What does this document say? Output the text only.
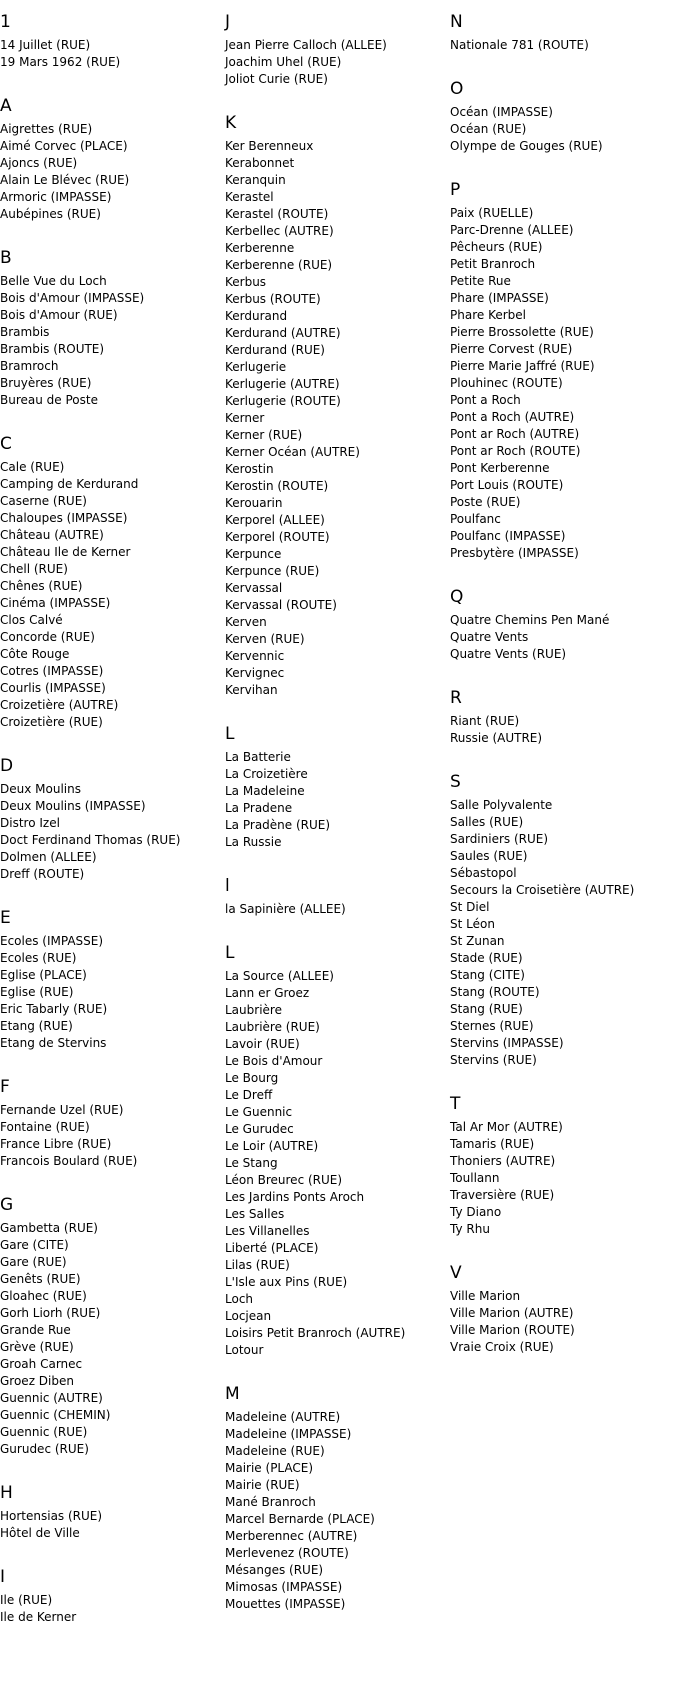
1
14 Juillet (RUE)
19 Mars 1962 (RUE)
A
Aigrettes (RUE)
Aimé Corvec (PLACE)
Ajoncs (RUE)
Alain Le Blévec (RUE)
Armoric (IMPASSE)
Aubépines (RUE)
B
Belle Vue du Loch
Bois d'Amour (IMPASSE)
Bois d'Amour (RUE)
Brambis
Brambis (ROUTE)
Bramroch
Bruyères (RUE)
Bureau de Poste
C
Cale (RUE)
Camping de Kerdurand
Caserne (RUE)
Chaloupes (IMPASSE)
Château (AUTRE)
Château Ile de Kerner
Chell (RUE)
Chênes (RUE)
Cinéma (IMPASSE)
Clos Calvé
Concorde (RUE)
Côte Rouge
Cotres (IMPASSE)
Courlis (IMPASSE)
Croizetière (AUTRE)
Croizetière (RUE)
D
Deux Moulins
Deux Moulins (IMPASSE)
Distro Izel
Doct Ferdinand Thomas (RUE)
Dolmen (ALLEE)
Dreff (ROUTE)
E
Ecoles (IMPASSE)
Ecoles (RUE)
Eglise (PLACE)
Eglise (RUE)
Eric Tabarly (RUE)
Etang (RUE)
Etang de Stervins
F
Fernande Uzel (RUE)
Fontaine (RUE)
France Libre (RUE)
Francois Boulard (RUE)
G
Gambetta (RUE)
Gare (CITE)
Gare (RUE)
Genêts (RUE)
Gloahec (RUE)
Gorh Liorh (RUE)
Grande Rue
Grève (RUE)
Groah Carnec
Groez Diben
Guennic (AUTRE)
Guennic (CHEMIN)
Guennic (RUE)
Gurudec (RUE)
H
Hortensias (RUE)
Hôtel de Ville
I
Ile (RUE)
Ile de Kerner
J
Jean Pierre Calloch (ALLEE)
Joachim Uhel (RUE)
Joliot Curie (RUE)
K
Ker Berenneux
Kerabonnet
Keranquin
Kerastel
Kerastel (ROUTE)
Kerbellec (AUTRE)
Kerberenne
Kerberenne (RUE)
Kerbus
Kerbus (ROUTE)
Kerdurand
Kerdurand (AUTRE)
Kerdurand (RUE)
Kerlugerie
Kerlugerie (AUTRE)
Kerlugerie (ROUTE)
Kerner
Kerner (RUE)
Kerner Océan (AUTRE)
Kerostin
Kerostin (ROUTE)
Kerouarin
Kerporel (ALLEE)
Kerporel (ROUTE)
Kerpunce
Kerpunce (RUE)
Kervassal
Kervassal (ROUTE)
Kerven
Kerven (RUE)
Kervennic
Kervignec
Kervihan
L
La Batterie
La Croizetière
La Madeleine
La Pradene
La Pradène (RUE)
La Russie
l
la Sapinière (ALLEE)
L
La Source (ALLEE)
Lann er Groez
Laubrière
Laubrière (RUE)
Lavoir (RUE)
Le Bois d'Amour
Le Bourg
Le Dreff
Le Guennic
Le Gurudec
Le Loir (AUTRE)
Le Stang
Léon Breurec (RUE)
Les Jardins Ponts Aroch
Les Salles
Les Villanelles
Liberté (PLACE)
Lilas (RUE)
L'Isle aux Pins (RUE)
Loch
Locjean
Loisirs Petit Branroch (AUTRE)
Lotour
M
Madeleine (AUTRE)
Madeleine (IMPASSE)
Madeleine (RUE)
Mairie (PLACE)
Mairie (RUE)
Mané Branroch
Marcel Bernarde (PLACE)
Merberennec (AUTRE)
Merlevenez (ROUTE)
Mésanges (RUE)
Mimosas (IMPASSE)
Mouettes (IMPASSE)
N
Nationale 781 (ROUTE)
O
Océan (IMPASSE)
Océan (RUE)
Olympe de Gouges (RUE)
P
Paix (RUELLE)
Parc-Drenne (ALLEE)
Pêcheurs (RUE)
Petit Branroch
Petite Rue
Phare (IMPASSE)
Phare Kerbel
Pierre Brossolette (RUE)
Pierre Corvest (RUE)
Pierre Marie Jaffré (RUE)
Plouhinec (ROUTE)
Pont a Roch
Pont a Roch (AUTRE)
Pont ar Roch (AUTRE)
Pont ar Roch (ROUTE)
Pont Kerberenne
Port Louis (ROUTE)
Poste (RUE)
Poulfanc
Poulfanc (IMPASSE)
Presbytère (IMPASSE)
Q
Quatre Chemins Pen Mané
Quatre Vents
Quatre Vents (RUE)
R
Riant (RUE)
Russie (AUTRE)
S
Salle Polyvalente
Salles (RUE)
Sardiniers (RUE)
Saules (RUE)
Sébastopol
Secours la Croisetière (AUTRE)
St Diel
St Léon
St Zunan
Stade (RUE)
Stang (CITE)
Stang (ROUTE)
Stang (RUE)
Sternes (RUE)
Stervins (IMPASSE)
Stervins (RUE)
T
Tal Ar Mor (AUTRE)
Tamaris (RUE)
Thoniers (AUTRE)
Toullann
Traversière (RUE)
Ty Diano
Ty Rhu
V
Ville Marion
Ville Marion (AUTRE)
Ville Marion (ROUTE)
Vraie Croix (RUE)
